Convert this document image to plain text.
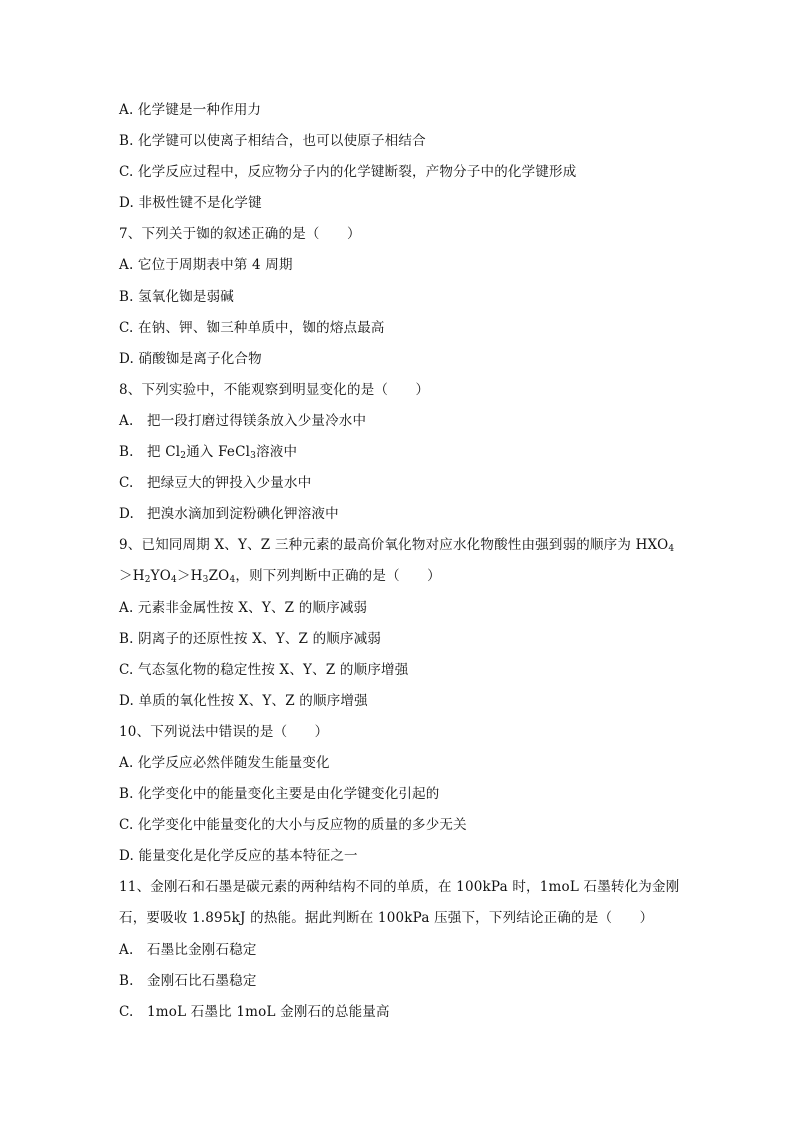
A. 化学键是一种作用力
B. 化学键可以使离子相结合，也可以使原子相结合
C. 化学反应过程中，反应物分子内的化学键断裂，产物分子中的化学键形成
D. 非极性键不是化学键
7、下列关于铷的叙述正确的是（　　）
A. 它位于周期表中第 4 周期
B. 氢氧化铷是弱碱
C. 在钠、钾、铷三种单质中，铷的熔点最高
D. 硝酸铷是离子化合物
8、下列实验中，不能观察到明显变化的是（　　）
A. 把一段打磨过得镁条放入少量冷水中
B. 把 $Cl_2$通入 FeCl$_3$溶液中
C. 把绿豆大的钾投入少量水中
D. 把溴水滴加到淀粉碘化钾溶液中
9、已知同周期 X、Y、Z 三种元素的最高价氧化物对应水化物酸性由强到弱的顺序为 $HXO_4$
$>H_2YO_4>H_3ZO_4$，则下列判断中正确的是（　　）
A. 元素非金属性按 X、Y、Z 的顺序减弱
B. 阴离子的还原性按 X、Y、Z 的顺序减弱
C. 气态氢化物的稳定性按 X、Y、Z 的顺序增强
D. 单质的氧化性按 X、Y、Z 的顺序增强
10、下列说法中错误的是（　　）
A. 化学反应必然伴随发生能量变化
B. 化学变化中的能量变化主要是由化学键变化引起的
C. 化学变化中能量变化的大小与反应物的质量的多少无关
D. 能量变化是化学反应的基本特征之一
11、金刚石和石墨是碳元素的两种结构不同的单质，在 100kPa 时，1moL 石墨转化为金刚
石，要吸收 1.895kJ 的热能。据此判断在 100kPa 压强下，下列结论正确的是（　　）
A. 石墨比金刚石稳定
B. 金刚石比石墨稳定
C. 1moL 石墨比 1moL 金刚石的总能量高
